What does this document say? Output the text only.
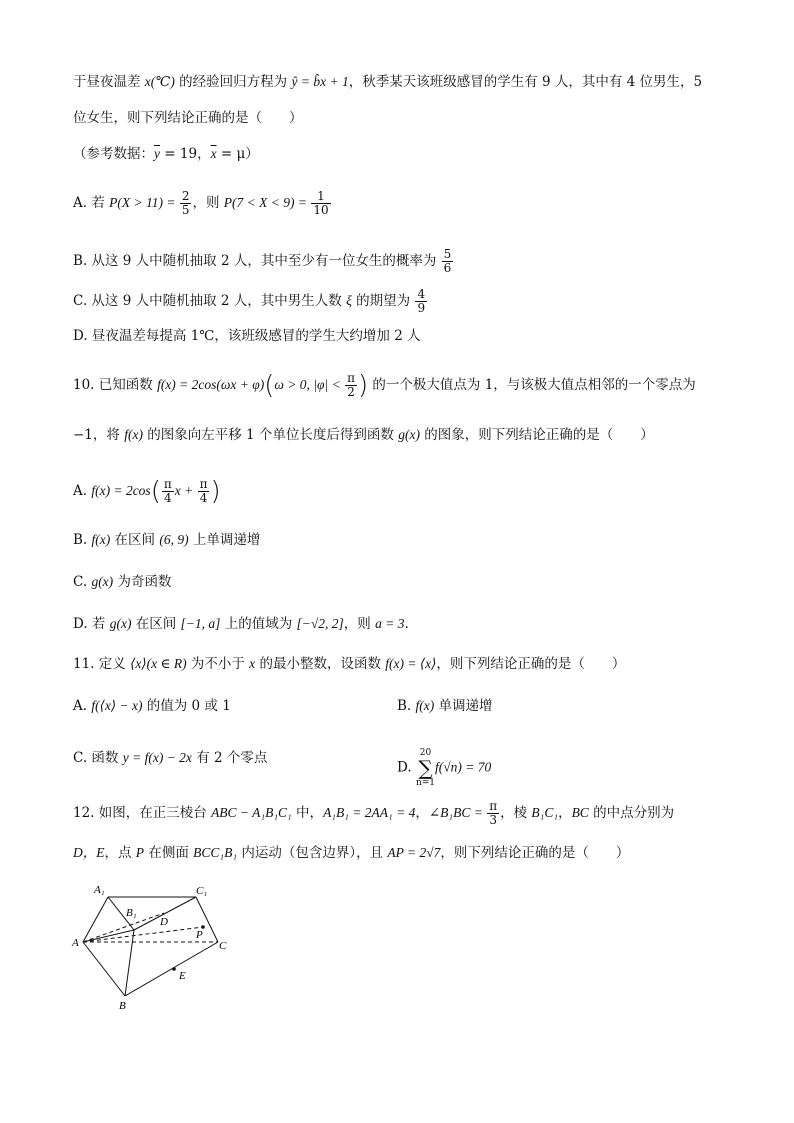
于昼夜温差 x(℃) 的经验回归方程为 ŷ = b̂x + 1，秋季某天该班级感冒的学生有 9 人，其中有 4 位男生，5
位女生，则下列结论正确的是（　　）
（参考数据：$\overline{y} = 19$，$\overline{x} = \mu$）
A. 若 $P(X > 11) = \frac{2}{5}$ ，则 $P(7 < X < 9) = \frac{1}{10}$
B. 从这 9 人中随机抽取 2 人，其中至少有一位女生的概率为 $\frac{5}{6}$
C. 从这 9 人中随机抽取 2 人，其中男生人数 ξ 的期望为 $\frac{4}{9}$
D. 昼夜温差每提高 1℃，该班级感冒的学生大约增加 2 人
10. 已知函数 f(x) = 2cos(ωx + φ)(ω > 0, $|\varphi| < \frac{\pi}{2}$ ) 的一个极大值点为 1，与该极大值点相邻的一个零点为
−1，将 f(x) 的图象向左平移 1 个单位长度后得到函数 g(x) 的图象，则下列结论正确的是（　　）
A. $f(x) = 2\cos( \frac{\pi}{4}$ $x + \frac{\pi}{4}$ )
B. f(x) 在区间 (6, 9) 上单调递增
C. g(x) 为奇函数
D. 若 g(x) 在区间 [−1, a] 上的值域为 [−√2, 2]，则 a = 3.
11. 定义 ⟨x⟩(x ∈ R) 为不小于 x 的最小整数，设函数 f(x) = ⟨x⟩，则下列结论正确的是（　　）
A. f(⟨x⟩ − x) 的值为 0 或 1	B. f(x) 单调递增
C. 函数 y = f(x) − 2x 有 2 个零点
D. 20
∑
n=1f(√n) = 70
12. 如图，在正三棱台 ABC − A₁B₁C₁ 中，A₁B₁ = 2AA₁ = 4，∠B₁BC = $\frac{\pi}{3}$ ，棱 B₁C₁，BC 的中点分别为
D，E，点 P 在侧面 BCC₁B₁ 内运动（包含边界），且 AP = 2√7，则下列结论正确的是（　　）
A₁	C₁
B₁
D
A
P
C
E
B
